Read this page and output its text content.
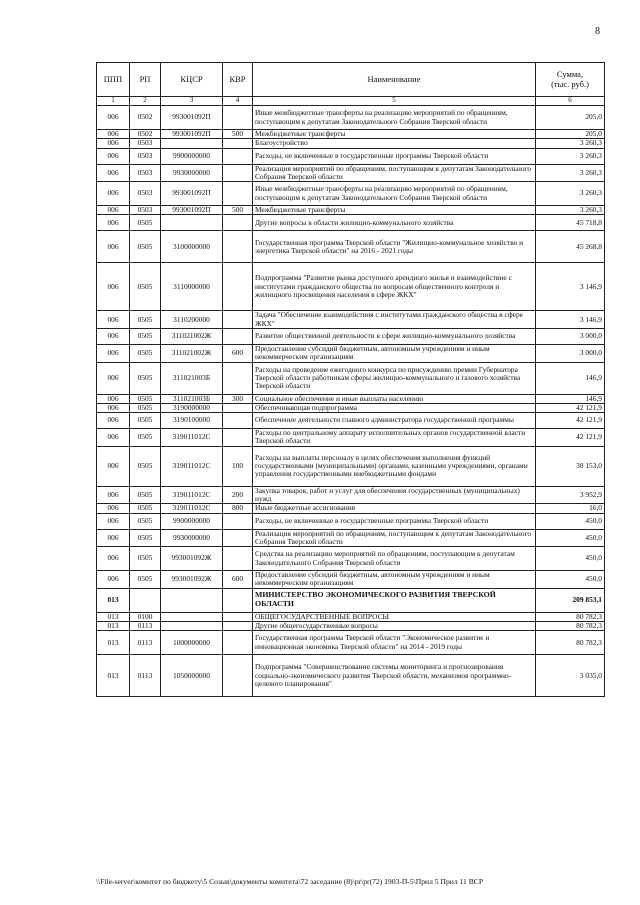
8
ППП	РП	КЦСР	КВР	Наименование	Сумма,
(тыс. руб.)
1	2	3	4	5	6
006	0502	993001092П		Иные межбюджетные трансферты на реализацию мероприятий по обращениям, поступающим к депутатам Законодательного Собрания Тверской области	205,0
006	0502	993001092П	500	Межбюджетные трансферты	205,0
006	0503			Благоустройство	3 260,3
006	0503	9900000000		Расходы, не включенные в государственные программы Тверской области	3 260,3
006	0503	9930000000		Реализация мероприятий по обращениям, поступающим к депутатам Законодательного Собрания Тверской области	3 260,3
006	0503	993001092П		Иные межбюджетные трансферты на реализацию мероприятий по обращениям, поступающим к депутатам Законодательного Собрания Тверской области	3 260,3
006	0503	993001092П	500	Межбюджетные трансферты	3 260,3
006	0505			Другие вопросы в области жилищно-коммунального хозяйства	45 718,8
006	0505	3100000000		Государственная программа Тверской области "Жилищно-коммунальное хозяйство и энергетика Тверской области" на 2016 - 2021 годы	45 268,8
006	0505	3110000000		Подпрограмма "Развитие рынка доступного арендного жилья и взаимодействие с институтами гражданского общества по вопросам общественного контроля и жилищного просвещения населения в сфере ЖКХ"	3 146,9
006	0505	3110200000		Задача "Обеспечение взаимодействия с институтами гражданского общества в сфере ЖКХ"	3 146,9
006	0505	311021002Ж		Развитие общественной деятельности в сфере жилищно-коммунального хозяйства	3 000,0
006	0505	311021002Ж	600	Предоставление субсидий бюджетным, автономным учреждениям и иным некоммерческим организациям	3 000,0
006	0505	311021003Б		Расходы на проведение ежегодного конкурса по присуждению премии Губернатора Тверской области работникам сферы жилищно-коммунального и газового хозяйства Тверской области	146,9
006	0505	311021003Б	300	Социальное обеспечение и иные выплаты населению	146,9
006	0505	3190000000		Обеспечивающая подпрограмма	42 121,9
006	0505	3190100000		Обеспечение деятельности главного администратора государственной программы	42 121,9
006	0505	319011012С		Расходы по центральному аппарату исполнительных органов государственной власти Тверской области	42 121,9
006	0505	319011012С	100	Расходы на выплаты персоналу в целях обеспечения выполнения функций государственными (муниципальными) органами, казенными учреждениями, органами управления государственными внебюджетными фондами	38 153,0
006	0505	319011012С	200	Закупка товаров, работ и услуг для обеспечения государственных (муниципальных) нужд	3 952,9
006	0505	319011012С	800	Иные бюджетные ассигнования	16,0
006	0505	9900000000		Расходы, не включенные в государственные программы Тверской области	450,0
006	0505	9930000000		Реализация мероприятий по обращениям, поступающим к депутатам Законодательного Собрания Тверской области	450,0
006	0505	993001092Ж		Средства на реализацию мероприятий по обращениям, поступающим к депутатам Законодательного Собрания Тверской области	450,0
006	0505	993001092Ж	600	Предоставление субсидий бюджетным, автономным учреждениям и иным некоммерческим организациям	450,0
013				МИНИСТЕРСТВО ЭКОНОМИЧЕСКОГО РАЗВИТИЯ ТВЕРСКОЙ ОБЛАСТИ	209 853,1
013	0100			ОБЩЕГОСУДАРСТВЕННЫЕ ВОПРОСЫ	80 782,3
013	0113			Другие общегосударственные вопросы	80 782,3
013	0113	1000000000		Государственная программа Тверской области "Экономическое развитие и инновационная экономика Тверской области" на 2014 - 2019 годы	80 782,3
013	0113	1050000000		Подпрограмма "Совершенствование системы мониторинга и прогнозирования социально-экономического развития Тверской области, механизмов программно-целевого планирования"	3 035,0
\\File-server\комитет по бюджету\5 Созыв\документы комитета\72 заседание (8)\pr\pr(72) 1903-П-5\Прил 5 Прил 11 ВСР
